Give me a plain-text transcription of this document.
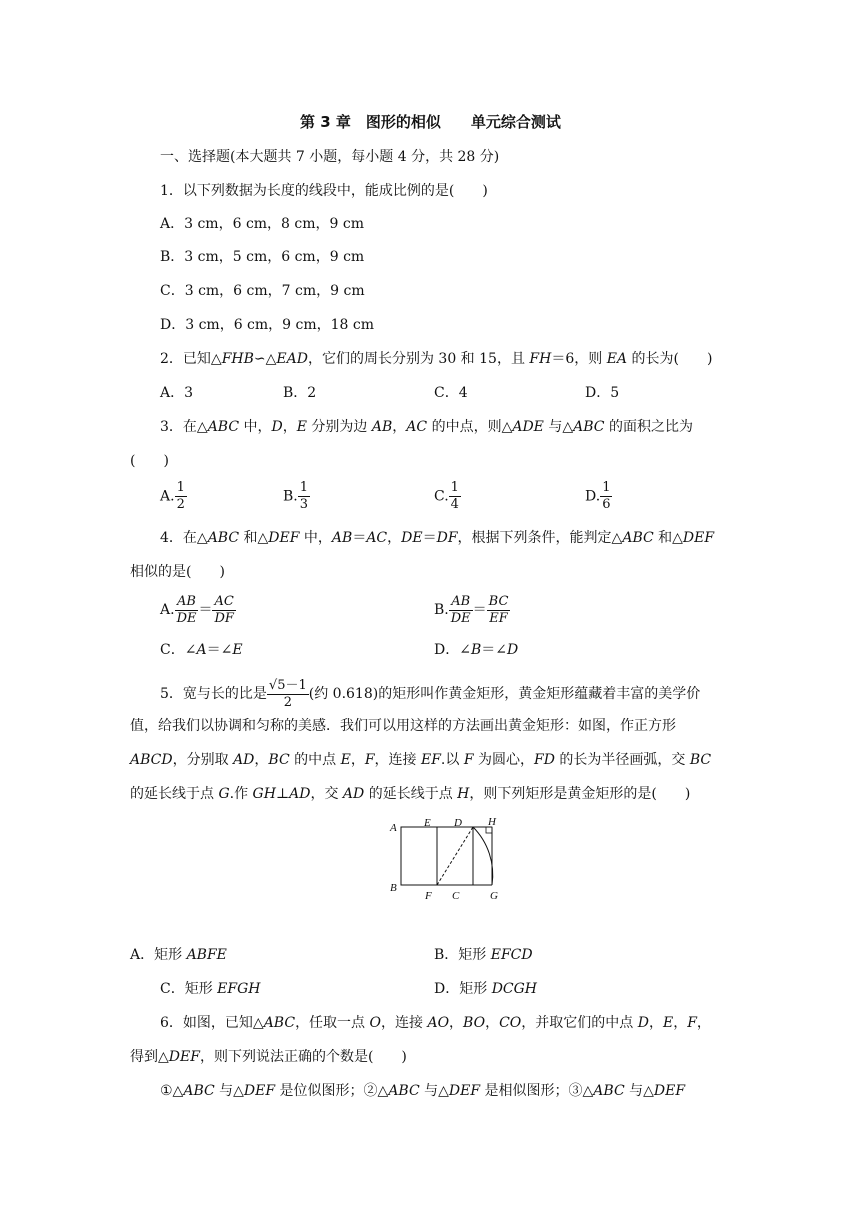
第 3 章　图形的相似　　单元综合测试
一、选择题(本大题共 7 小题，每小题 4 分，共 28 分)
1．以下列数据为长度的线段中，能成比例的是(　　)
A．3 cm，6 cm，8 cm，9 cm
B．3 cm，5 cm，6 cm，9 cm
C．3 cm，6 cm，7 cm，9 cm
D．3 cm，6 cm，9 cm，18 cm
2．已知△FHB∽△EAD，它们的周长分别为 30 和 15，且 FH＝6，则 EA 的长为(　　)
A．3	B．2	C．4	D．5
3．在△ABC 中，D，E 分别为边 AB，AC 的中点，则△ADE 与△ABC 的面积之比为
(　　)
A. $\frac{1}{2}$	B. $\frac{1}{3}$	C. $\frac{1}{4}$	D. $\frac{1}{6}$
4．在△ABC 和△DEF 中，AB＝AC，DE＝DF，根据下列条件，能判定△ABC 和△DEF
相似的是(　　)
A. $\frac{AB}{DE} = \frac{AC}{DF}$	B. $\frac{AB}{DE} = \frac{BC}{EF}$
C．∠A＝∠E	D．∠B＝∠D
5．宽与长的比是 $\frac{√5-1}{2}$ (约 0.618)的矩形叫作黄金矩形，黄金矩形蕴藏着丰富的美学价
值，给我们以协调和匀称的美感．我们可以用这样的方法画出黄金矩形：如图，作正方形
ABCD，分别取 AD，BC 的中点 E，F，连接 EF.以 F 为圆心，FD 的长为半径画弧，交 BC
的延长线于点 G.作 GH⊥AD，交 AD 的延长线于点 H，则下列矩形是黄金矩形的是(　　)
A E D H
B
F C	G
A．矩形 ABFE	B．矩形 EFCD
C．矩形 EFGH	D．矩形 DCGH
6．如图，已知△ABC，任取一点 O，连接 AO，BO，CO，并取它们的中点 D，E，F，
得到△DEF，则下列说法正确的个数是(　　)
①△ABC 与△DEF 是位似图形；②△ABC 与△DEF 是相似图形；③△ABC 与△DEF
